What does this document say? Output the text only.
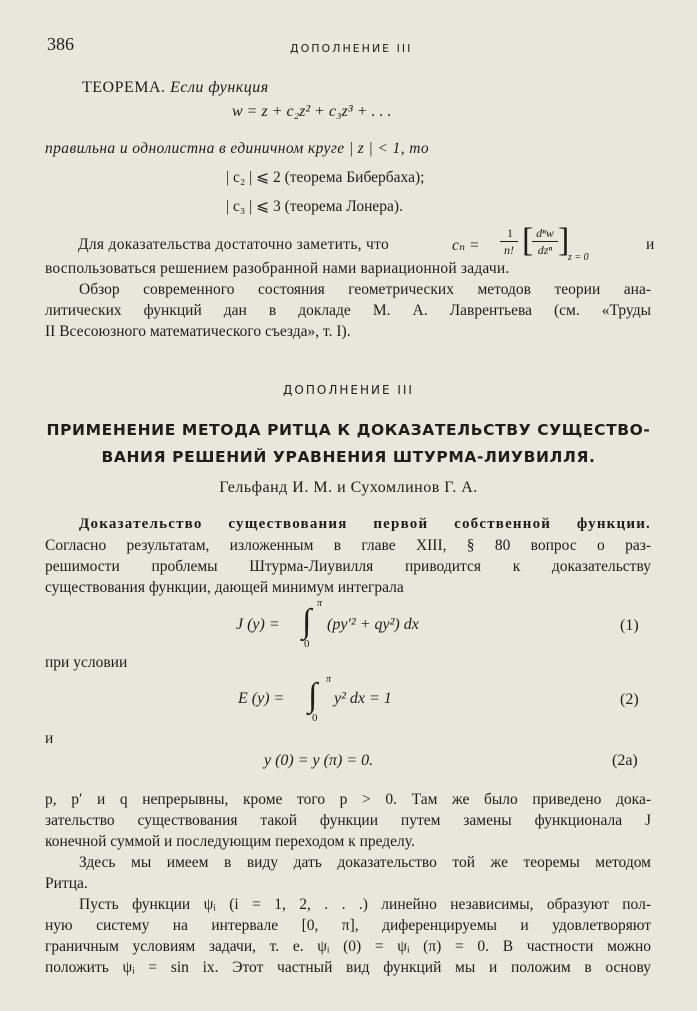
386	ДОПОЛНЕНИЕ III
ТЕОРЕМА. Если функция
w = z + c₂z² + c₃z³ + . . .
правильна и однолистна в единичном круге | z | < 1, то
| c₂ | ⩽ 2 (теорема Бибербаха);
| c₃ | ⩽ 3 (теорема Лонера).
Для доказательства достаточно заметить, что	cₙ =
1
n! [ dⁿw
dzⁿ ]
z = 0
и
воспользоваться решением разобранной нами вариационной задачи.
Обзор современного состояния геометрических методов теории ана-
литических функций дан в докладе М. А. Лаврентьева (см. «Труды
II Всесоюзного математического съезда», т. I).
ДОПОЛНЕНИЕ III
ПРИМЕНЕНИЕ МЕТОДА РИТЦА К ДОКАЗАТЕЛЬСТВУ СУЩЕСТВО-
ВАНИЯ РЕШЕНИЙ УРАВНЕНИЯ ШТУРМА-ЛИУВИЛЛЯ.
Гельфанд И. М. и Сухомлинов Г. А.
Доказательство существования первой собственной функции.
Согласно результатам, изложенным в главе XIII, § 80 вопрос о раз-
решимости проблемы Штурма-Лиувилля приводится к доказательству
существования функции, дающей минимум интеграла
J (y) =
π
∫
0
(py′² + qy²) dx	(1)
при условии
E (y) =
π
∫
0
y² dx = 1	(2)
и
y (0) = y (π) = 0.	(2a)
p, p′ и q непрерывны, кроме того p > 0. Там же было приведено дока-
зательство существования такой функции путем замены функционала J
конечной суммой и последующим переходом к пределу.
Здесь мы имеем в виду дать доказательство той же теоремы методом
Ритца.
Пусть функции ψᵢ (i = 1, 2, . . .) линейно независимы, образуют пол-
ную систему на интервале [0, π], диференцируемы и удовлетворяют
граничным условиям задачи, т. е. ψᵢ (0) = ψᵢ (π) = 0. В частности можно
положить ψᵢ = sin ix. Этот частный вид функций мы и положим в основу
